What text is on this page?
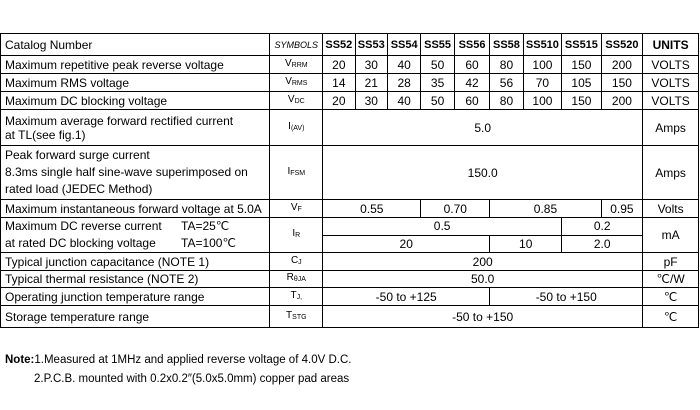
Catalog Number	SYMBOLS	SS52	SS53	SS54	SS55	SS56	SS58	SS510	SS515	SS520	UNITS
Maximum repetitive peak reverse voltage	VRRM	20	30	40	50	60	80	100	150	200	VOLTS
Maximum RMS voltage	VRMS	14	21	28	35	42	56	70	105	150	VOLTS
Maximum DC blocking voltage	VDC	20	30	40	50	60	80	100	150	200	VOLTS

Maximum average forward rectified current
at TL(see fig.1)	I(AV)	5.0									Amps

Peak forward surge current
8.3ms single half sine-wave superimposed on
rated load (JEDEC Method)	IFSM	150.0									Amps
Maximum instantaneous forward voltage at 5.0A	VF	0.55			0.70		0.85			0.95	Volts

Maximum DC reverse current TA=25℃
at rated DC blocking voltage TA=100℃	IR	0.5							0.2		mA
		20					10		2.0		
Typical junction capacitance (NOTE 1)	CJ	200									pF
Typical thermal resistance (NOTE 2)	RθJA	50.0									℃/W
Operating junction temperature range	TJ,	-50 to +125					-50 to +150				℃
Storage temperature range	TSTG	-50 to +150									℃
Note:1.Measured at 1MHz and applied reverse voltage of 4.0V D.C.
2.P.C.B. mounted with 0.2x0.2″(5.0x5.0mm) copper pad areas
